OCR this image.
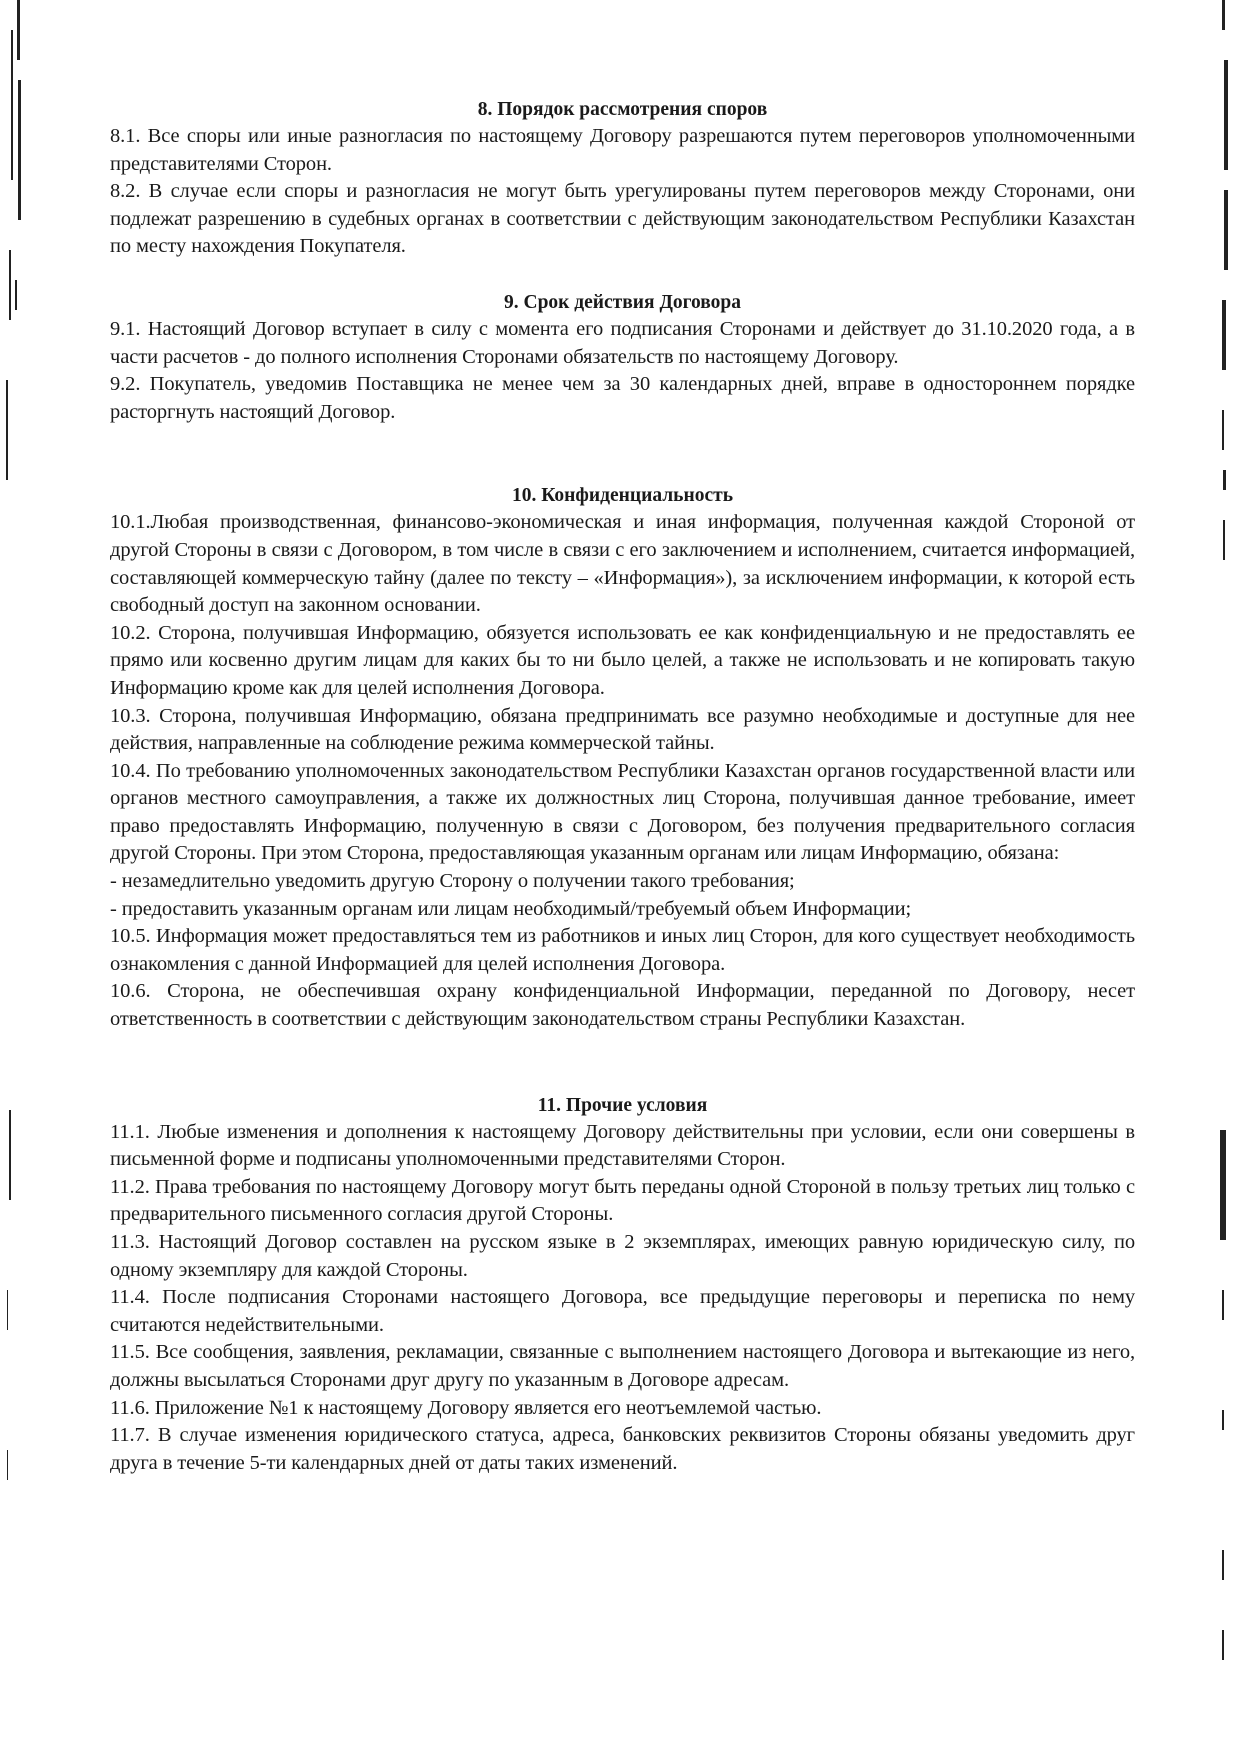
8. Порядок рассмотрения споров

8.1. Все споры или иные разногласия по настоящему Договору разрешаются путем переговоров уполномоченными представителями Сторон.

8.2. В случае если споры и разногласия не могут быть урегулированы путем переговоров между Сторонами, они подлежат разрешению в судебных органах в соответствии с действующим законодательством Республики Казахстан по месту нахождения Покупателя.

9. Срок действия Договора

9.1. Настоящий Договор вступает в силу с момента его подписания Сторонами и действует до 31.10.2020 года, а в части расчетов - до полного исполнения Сторонами обязательств по настоящему Договору.

9.2. Покупатель, уведомив Поставщика не менее чем за 30 календарных дней, вправе в одностороннем порядке расторгнуть настоящий Договор.

10. Конфиденциальность

10.1.Любая производственная, финансово-экономическая и иная информация, полученная каждой Стороной от другой Стороны в связи с Договором, в том числе в связи с его заключением и исполнением, считается информацией, составляющей коммерческую тайну (далее по тексту – «Информация»), за исключением информации, к которой есть свободный доступ на законном основании.

10.2. Сторона, получившая Информацию, обязуется использовать ее как конфиденциальную и не предоставлять ее прямо или косвенно другим лицам для каких бы то ни было целей, а также не использовать и не копировать такую Информацию кроме как для целей исполнения Договора.

10.3. Сторона, получившая Информацию, обязана предпринимать все разумно необходимые и доступные для нее действия, направленные на соблюдение режима коммерческой тайны.

10.4. По требованию уполномоченных законодательством Республики Казахстан органов государственной власти или органов местного самоуправления, а также их должностных лиц Сторона, получившая данное требование, имеет право предоставлять Информацию, полученную в связи с Договором, без получения предварительного согласия другой Стороны. При этом Сторона, предоставляющая указанным органам или лицам Информацию, обязана:

- незамедлительно уведомить другую Сторону о получении такого требования;

- предоставить указанным органам или лицам необходимый/требуемый объем Информации;

10.5. Информация может предоставляться тем из работников и иных лиц Сторон, для кого существует необходимость ознакомления с данной Информацией для целей исполнения Договора.

10.6. Сторона, не обеспечившая охрану конфиденциальной Информации, переданной по Договору, несет ответственность в соответствии с действующим законодательством страны Республики Казахстан.

11. Прочие условия

11.1. Любые изменения и дополнения к настоящему Договору действительны при условии, если они совершены в письменной форме и подписаны уполномоченными представителями Сторон.

11.2. Права требования по настоящему Договору могут быть переданы одной Стороной в пользу третьих лиц только с предварительного письменного согласия другой Стороны.

11.3. Настоящий Договор составлен на русском языке в 2 экземплярах, имеющих равную юридическую силу, по одному экземпляру для каждой Стороны.

11.4. После подписания Сторонами настоящего Договора, все предыдущие переговоры и переписка по нему считаются недействительными.

11.5. Все сообщения, заявления, рекламации, связанные с выполнением настоящего Договора и вытекающие из него, должны высылаться Сторонами друг другу по указанным в Договоре адресам.

11.6. Приложение №1 к настоящему Договору является его неотъемлемой частью.

11.7. В случае изменения юридического статуса, адреса, банковских реквизитов Стороны обязаны уведомить друг друга в течение 5-ти календарных дней от даты таких изменений.
